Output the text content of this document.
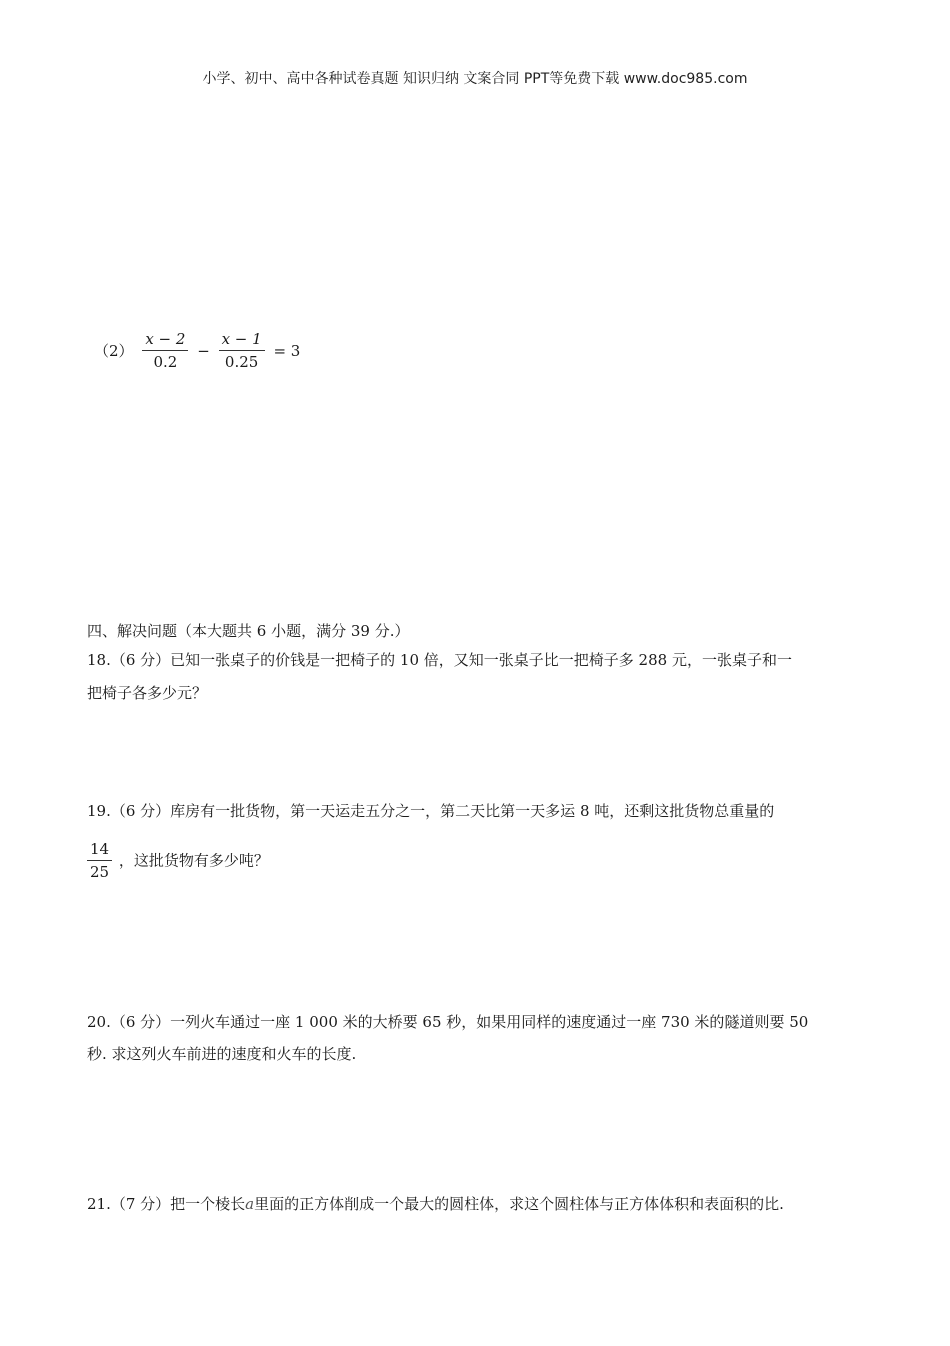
小学、初中、高中各种试卷真题 知识归纳 文案合同 PPT等免费下载 www.doc985.com
$(2) \frac{x - 2}{0.2} - \frac{x - 1}{0.25} = 3$
四、解决问题（本大题共 6 小题，满分 39 分.）
18.（6 分）已知一张桌子的价钱是一把椅子的 10 倍，又知一张桌子比一把椅子多 288 元，一张桌子和一
把椅子各多少元？
19.（6 分）库房有一批货物，第一天运走五分之一，第二天比第一天多运 8 吨，还剩这批货物总重量的
$\frac{14}{25}$ ，这批货物有多少吨？
20.（6 分）一列火车通过一座 1 000 米的大桥要 65 秒，如果用同样的速度通过一座 730 米的隧道则要 50
秒. 求这列火车前进的速度和火车的长度.
21.（7 分）把一个棱长a里面的正方体削成一个最大的圆柱体，求这个圆柱体与正方体体积和表面积的比.
